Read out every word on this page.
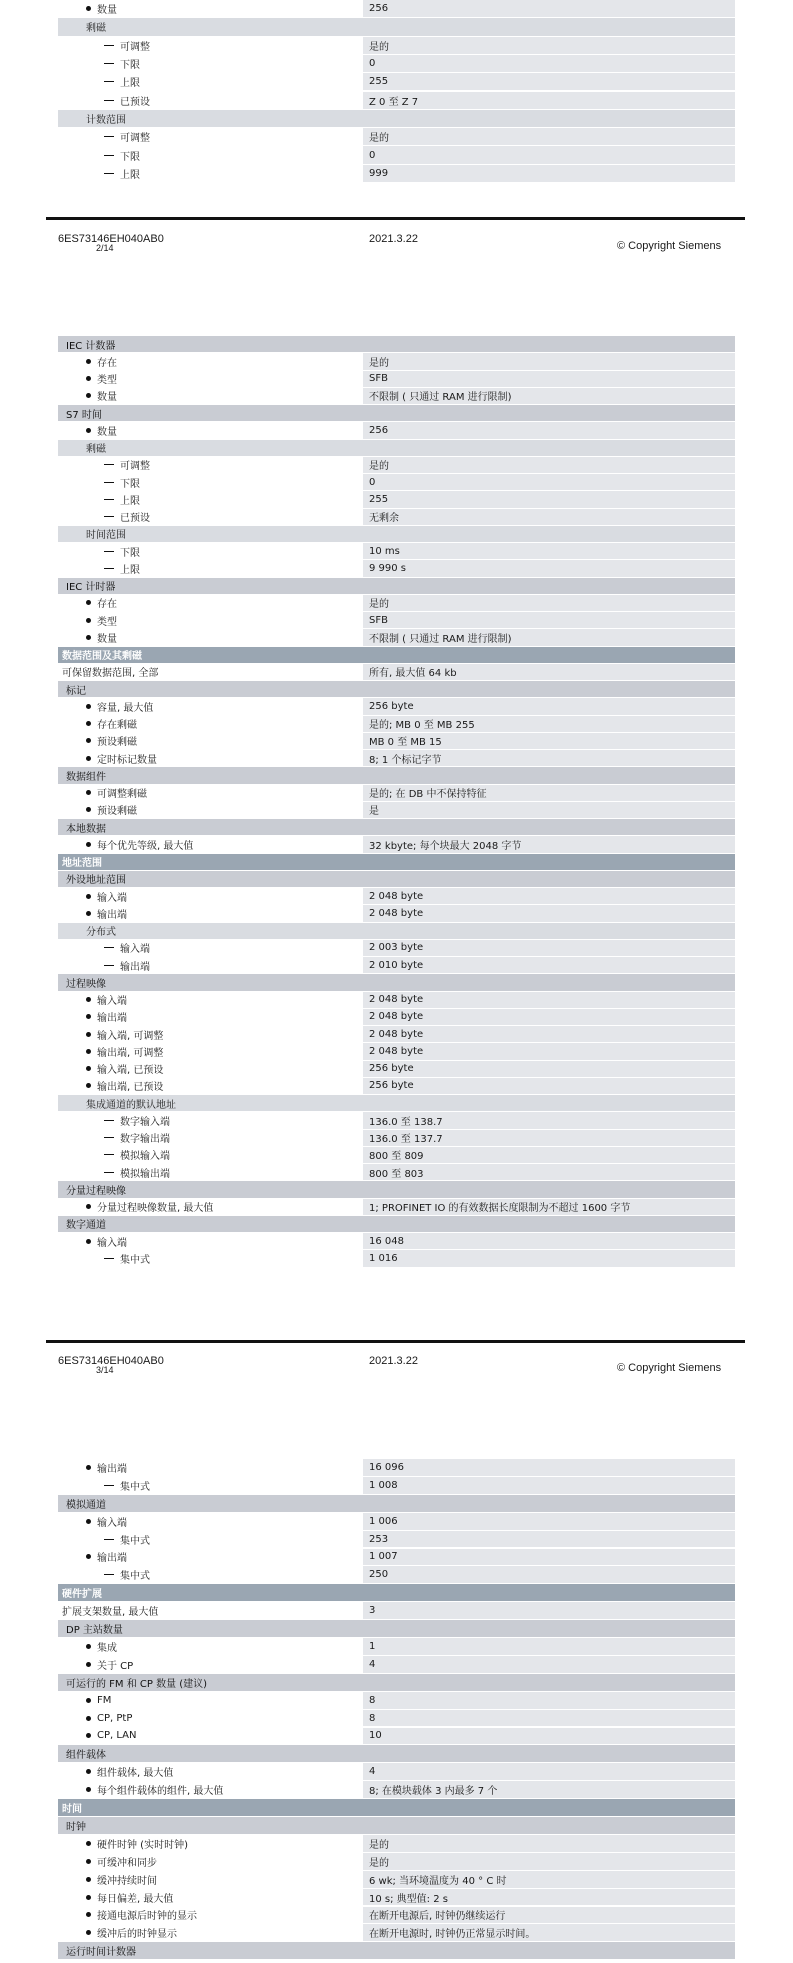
数量	256
剩磁
可调整	是的
下限	0
上限	255
已预设	Z 0 至 Z 7
计数范围
可调整	是的
下限	0
上限	999
6ES73146EH040AB0
2/14
2021.3.22
© Copyright Siemens
IEC 计数器
存在	是的
类型	SFB
数量	不限制 ( 只通过 RAM 进行限制)
S7 时间
数量	256
剩磁
可调整	是的
下限	0
上限	255
已预设	无剩余
时间范围
下限	10 ms
上限	9 990 s
IEC 计时器
存在	是的
类型	SFB
数量	不限制 ( 只通过 RAM 进行限制)
数据范围及其剩磁
可保留数据范围, 全部	所有, 最大值 64 kb
标记
容量, 最大值	256 byte
存在剩磁	是的; MB 0 至 MB 255
预设剩磁	MB 0 至 MB 15
定时标记数量	8; 1 个标记字节
数据组件
可调整剩磁	是的; 在 DB 中不保持特征
预设剩磁	是
本地数据
每个优先等级, 最大值	32 kbyte; 每个块最大 2048 字节
地址范围
外设地址范围
输入端	2 048 byte
输出端	2 048 byte
分布式
输入端	2 003 byte
输出端	2 010 byte
过程映像
输入端	2 048 byte
输出端	2 048 byte
输入端, 可调整	2 048 byte
输出端, 可调整	2 048 byte
输入端, 已预设	256 byte
输出端, 已预设	256 byte
集成通道的默认地址
数字输入端	136.0 至 138.7
数字输出端	136.0 至 137.7
模拟输入端	800 至 809
模拟输出端	800 至 803
分量过程映像
分量过程映像数量, 最大值	1; PROFINET IO 的有效数据长度限制为不超过 1600 字节
数字通道
输入端	16 048
集中式	1 016
6ES73146EH040AB0
3/14
2021.3.22
© Copyright Siemens
输出端	16 096
集中式	1 008
模拟通道
输入端	1 006
集中式	253
输出端	1 007
集中式	250
硬件扩展
扩展支架数量, 最大值	3
DP 主站数量
集成	1
关于 CP	4
可运行的 FM 和 CP 数量 (建议)
FM	8
CP, PtP	8
CP, LAN	10
组件载体
组件载体, 最大值	4
每个组件载体的组件, 最大值	8; 在模块载体 3 内最多 7 个
时间
时钟
硬件时钟 (实时时钟)	是的
可缓冲和同步	是的
缓冲持续时间	6 wk; 当环境温度为 40 ° C 时
每日偏差, 最大值	10 s; 典型值: 2 s
接通电源后时钟的显示	在断开电源后, 时钟仍继续运行
缓冲后的时钟显示	在断开电源时, 时钟仍正常显示时间。
运行时间计数器
